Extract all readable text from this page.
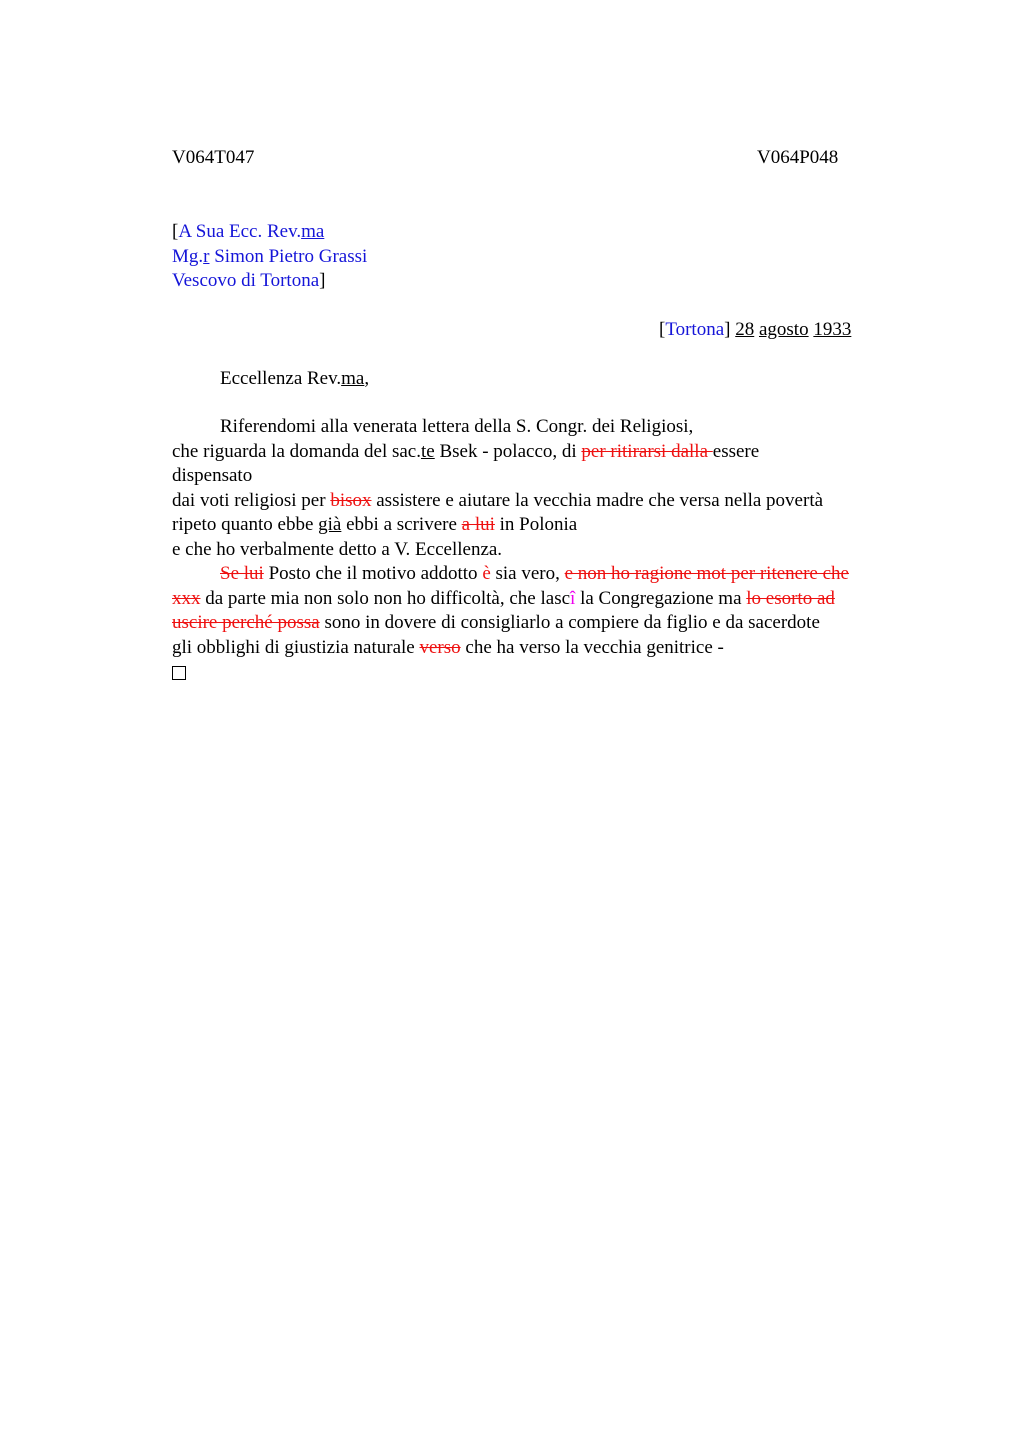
V064T047	V064P048
[A Sua Ecc. Rev.ma
Mg.r Simon Pietro Grassi
Vescovo di Tortona]
[Tortona] 28 agosto 1933
Eccellenza Rev.ma,
Riferendomi alla venerata lettera della S. Congr. dei Religiosi,
che riguarda la domanda del sac.te Bsek - polacco, di per ritirarsi dalla essere
dispensato
dai voti religiosi per bisox assistere e aiutare la vecchia madre che versa nella povertà
ripeto quanto ebbe già ebbi a scrivere a lui in Polonia
e che ho verbalmente detto a V. Eccellenza.
Se lui Posto che il motivo addotto è sia vero, e non ho ragione mot per ritenere che
xxx da parte mia non solo non ho difficoltà, che lascî la Congregazione ma lo esorto ad
uscire perché possa sono in dovere di consigliarlo a compiere da figlio e da sacerdote
gli obblighi di giustizia naturale verso che ha verso la vecchia genitrice -
